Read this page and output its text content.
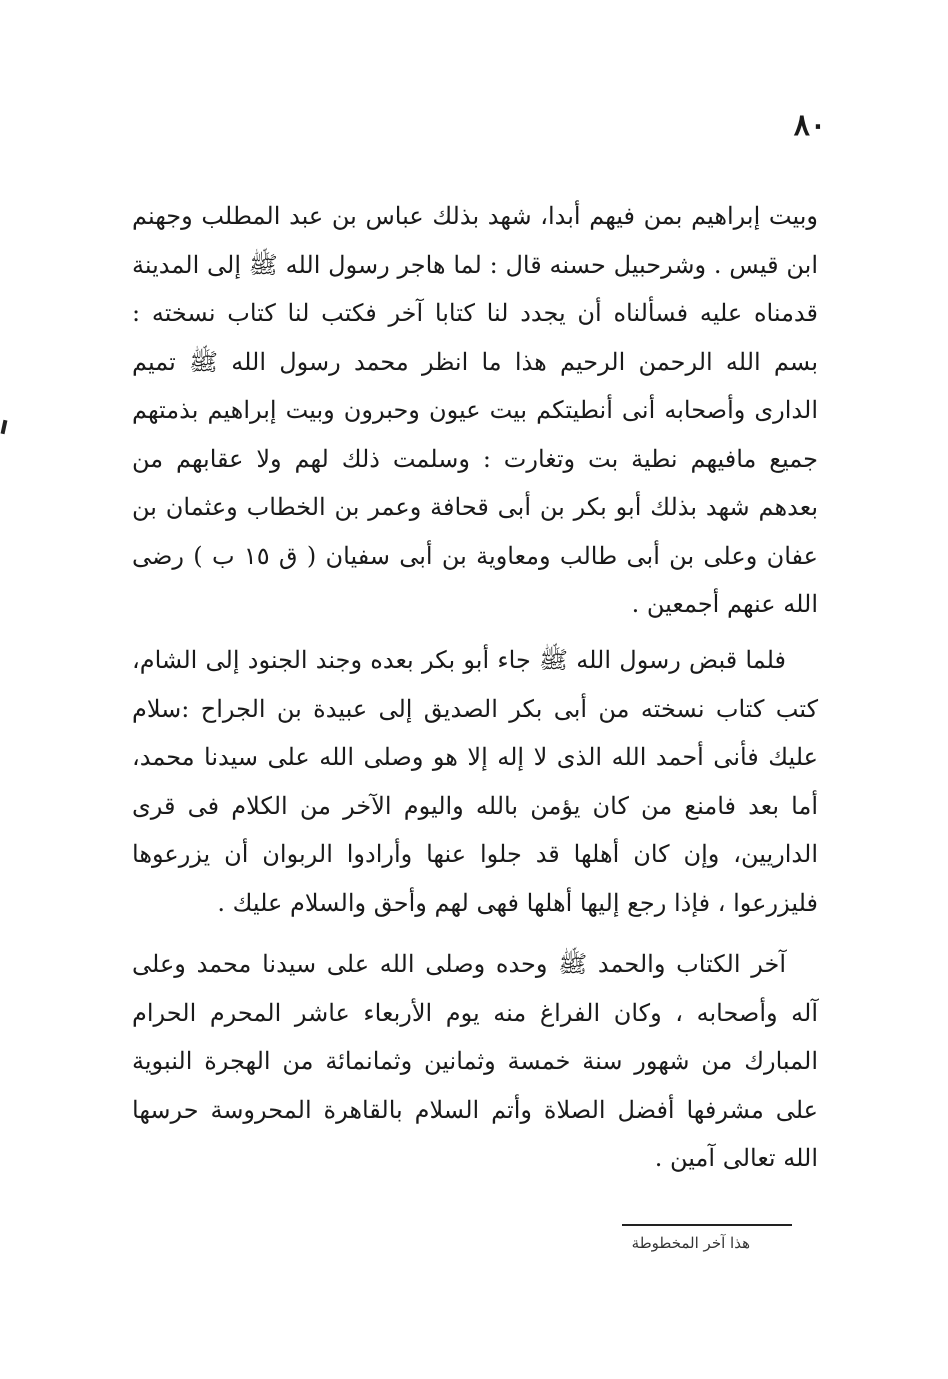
٨٠

وبيت إبراهيم بمن فيهم أبدا، شهد بذلك عباس بن عبد المطلب وجهنم ابن قيس . وشرحبيل حسنه قال : لما هاجر رسول الله ﷺ إلى المدينة قدمناه عليه فسألناه أن يجدد لنا كتابا آخر فكتب لنا كتاب نسخته : بسم الله الرحمن الرحيم هذا ما انظر محمد رسول الله ﷺ تميم الدارى وأصحابه أنى أنطيتكم بيت عيون وحبرون وبيت إبراهيم بذمتهم جميع مافيهم نطية بت وتغارت : وسلمت ذلك لهم ولا عقابهم من بعدهم شهد بذلك أبو بكر بن أبى قحافة وعمر بن الخطاب وعثمان بن عفان وعلى بن أبى طالب ومعاوية بن أبى سفيان ( ق ١٥ ب ) رضى الله عنهم أجمعين .

فلما قبض رسول الله ﷺ جاء أبو بكر بعده وجند الجنود إلى الشام، كتب كتاب نسخته من أبى بكر الصديق إلى عبيدة بن الجراح :سلام عليك فأنى أحمد الله الذى لا إله إلا هو وصلى الله على سيدنا محمد، أما بعد فامنع من كان يؤمن بالله واليوم الآخر من الكلام فى قرى الداريين، وإن كان أهلها قد جلوا عنها وأرادوا الربوان أن يزرعوها فليزرعوا ، فإذا رجع إليها أهلها فهى لهم وأحق والسلام عليك .

آخر الكتاب والحمد ﷺ وحده وصلى الله على سيدنا محمد وعلى آله وأصحابه ، وكان الفراغ منه يوم الأربعاء عاشر المحرم الحرام المبارك من شهور سنة خمسة وثمانين وثمانمائة من الهجرة النبوية على مشرفها أفضل الصلاة وأتم السلام بالقاهرة المحروسة حرسها الله تعالى آمين .

هذا آخر المخطوطة
